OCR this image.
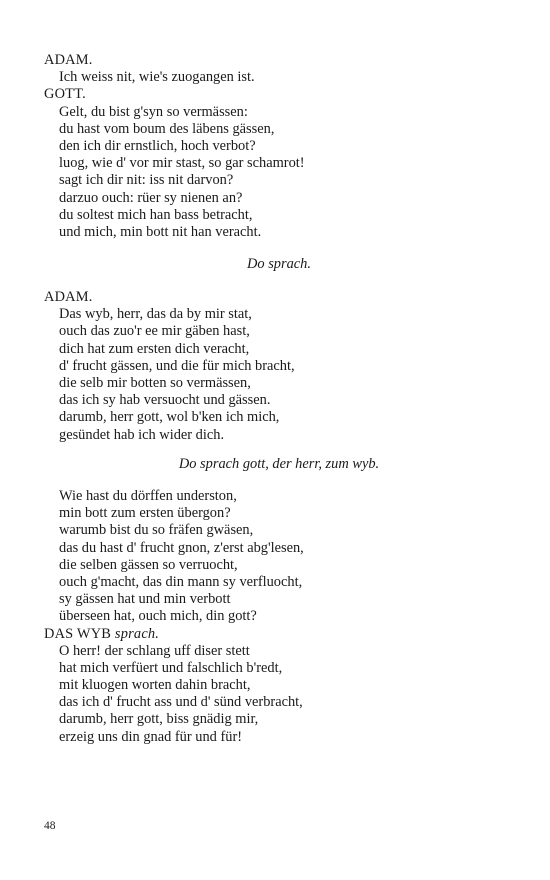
ADAM.
Ich weiss nit, wie's zuogangen ist.
GOTT.
Gelt, du bist g'syn so vermässen:
du hast vom boum des läbens gässen,
den ich dir ernstlich, hoch verbot?
luog, wie d' vor mir stast, so gar schamrot!
sagt ich dir nit: iss nit darvon?
darzuo ouch: rüer sy nienen an?
du soltest mich han bass betracht,
und mich, min bott nit han veracht.
Do sprach.
ADAM.
Das wyb, herr, das da by mir stat,
ouch das zuo'r ee mir gäben hast,
dich hat zum ersten dich veracht,
d' frucht gässen, und die für mich bracht,
die selb mir botten so vermässen,
das ich sy hab versuocht und gässen.
darumb, herr gott, wol b'ken ich mich,
gesündet hab ich wider dich.
Do sprach gott, der herr, zum wyb.
Wie hast du dörffen underston,
min bott zum ersten übergon?
warumb bist du so fräfen gwäsen,
das du hast d' frucht gnon, z'erst abg'lesen,
die selben gässen so verruocht,
ouch g'macht, das din mann sy verfluocht,
sy gässen hat und min verbott
überseen hat, ouch mich, din gott?
DAS WYB sprach.
O herr! der schlang uff diser stett
hat mich verfüert und falschlich b'redt,
mit kluogen worten dahin bracht,
das ich d' frucht ass und d' sünd verbracht,
darumb, herr gott, biss gnädig mir,
erzeig uns din gnad für und für!
48
